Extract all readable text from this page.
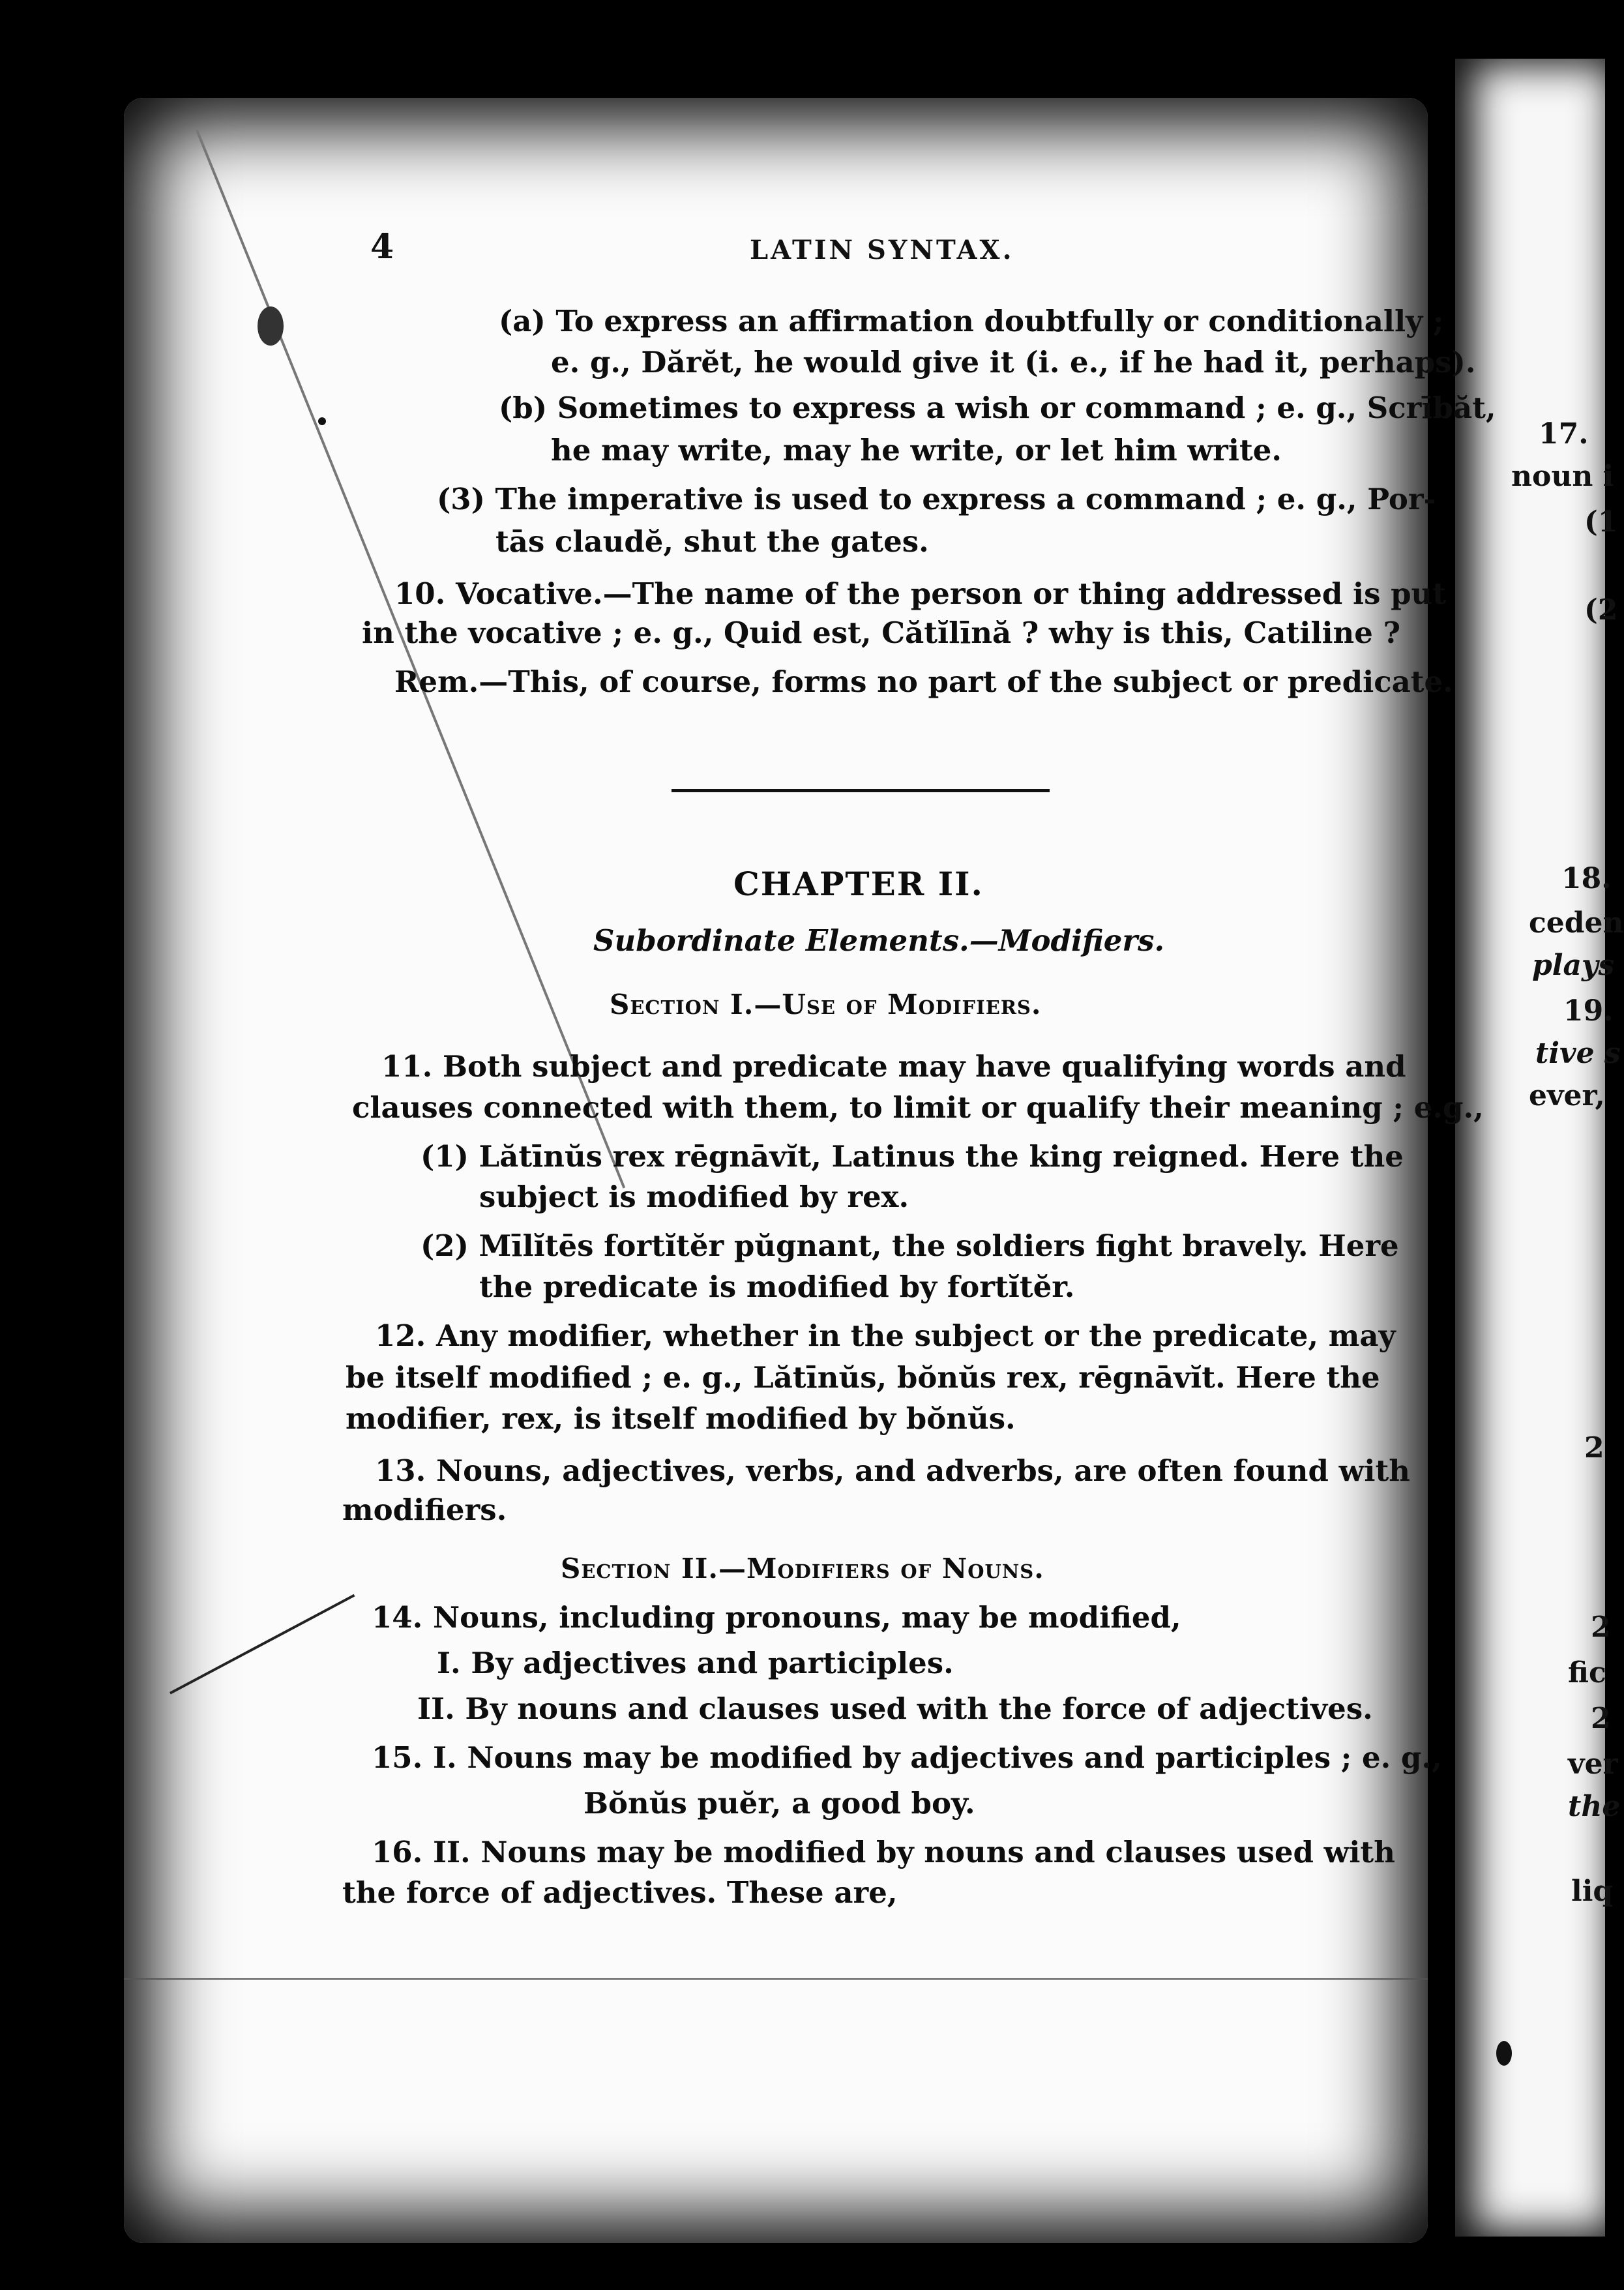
4	LATIN SYNTAX.
(a) To express an affirmation doubtfully or conditionally ;
e. g., Dărĕt, he would give it (i. e., if he had it, perhaps).
(b) Sometimes to express a wish or command ; e. g., Scrībăt,
he may write, may he write, or let him write.
(3) The imperative is used to express a command ; e. g., Por-
tās claudĕ, shut the gates.
10. Vocative.—The name of the person or thing addressed is put
in the vocative ; e. g., Quid est, Cătĭlīnă ? why is this, Catiline ?
Rem.—This, of course, forms no part of the subject or predicate.
CHAPTER II.
Subordinate Elements.—Modifiers.
Section I.—Use of Modifiers.
11. Both subject and predicate may have qualifying words and
clauses connected with them, to limit or qualify their meaning ; e.g.,
(1) Lătīnŭs rex rēgnāvĭt, Latinus the king reigned. Here the
subject is modified by rex.
(2) Mīlĭtēs fortĭtĕr pŭgnant, the soldiers fight bravely. Here
the predicate is modified by fortĭtĕr.
12. Any modifier, whether in the subject or the predicate, may
be itself modified ; e. g., Lătīnŭs, bŏnŭs rex, rēgnāvĭt. Here the
modifier, rex, is itself modified by bŏnŭs.
13. Nouns, adjectives, verbs, and adverbs, are often found with
modifiers.
Section II.—Modifiers of Nouns.
14. Nouns, including pronouns, may be modified,
I. By adjectives and participles.
II. By nouns and clauses used with the force of adjectives.
15. I. Nouns may be modified by adjectives and participles ; e. g.,
Bŏnŭs puĕr, a good boy.
16. II. Nouns may be modified by nouns and clauses used with
the force of adjectives. These are,
17.
noun i
(1
(2
18.
ceden
plays
19.
tive s
ever,
2
2
fic
2
ver
the
liq
